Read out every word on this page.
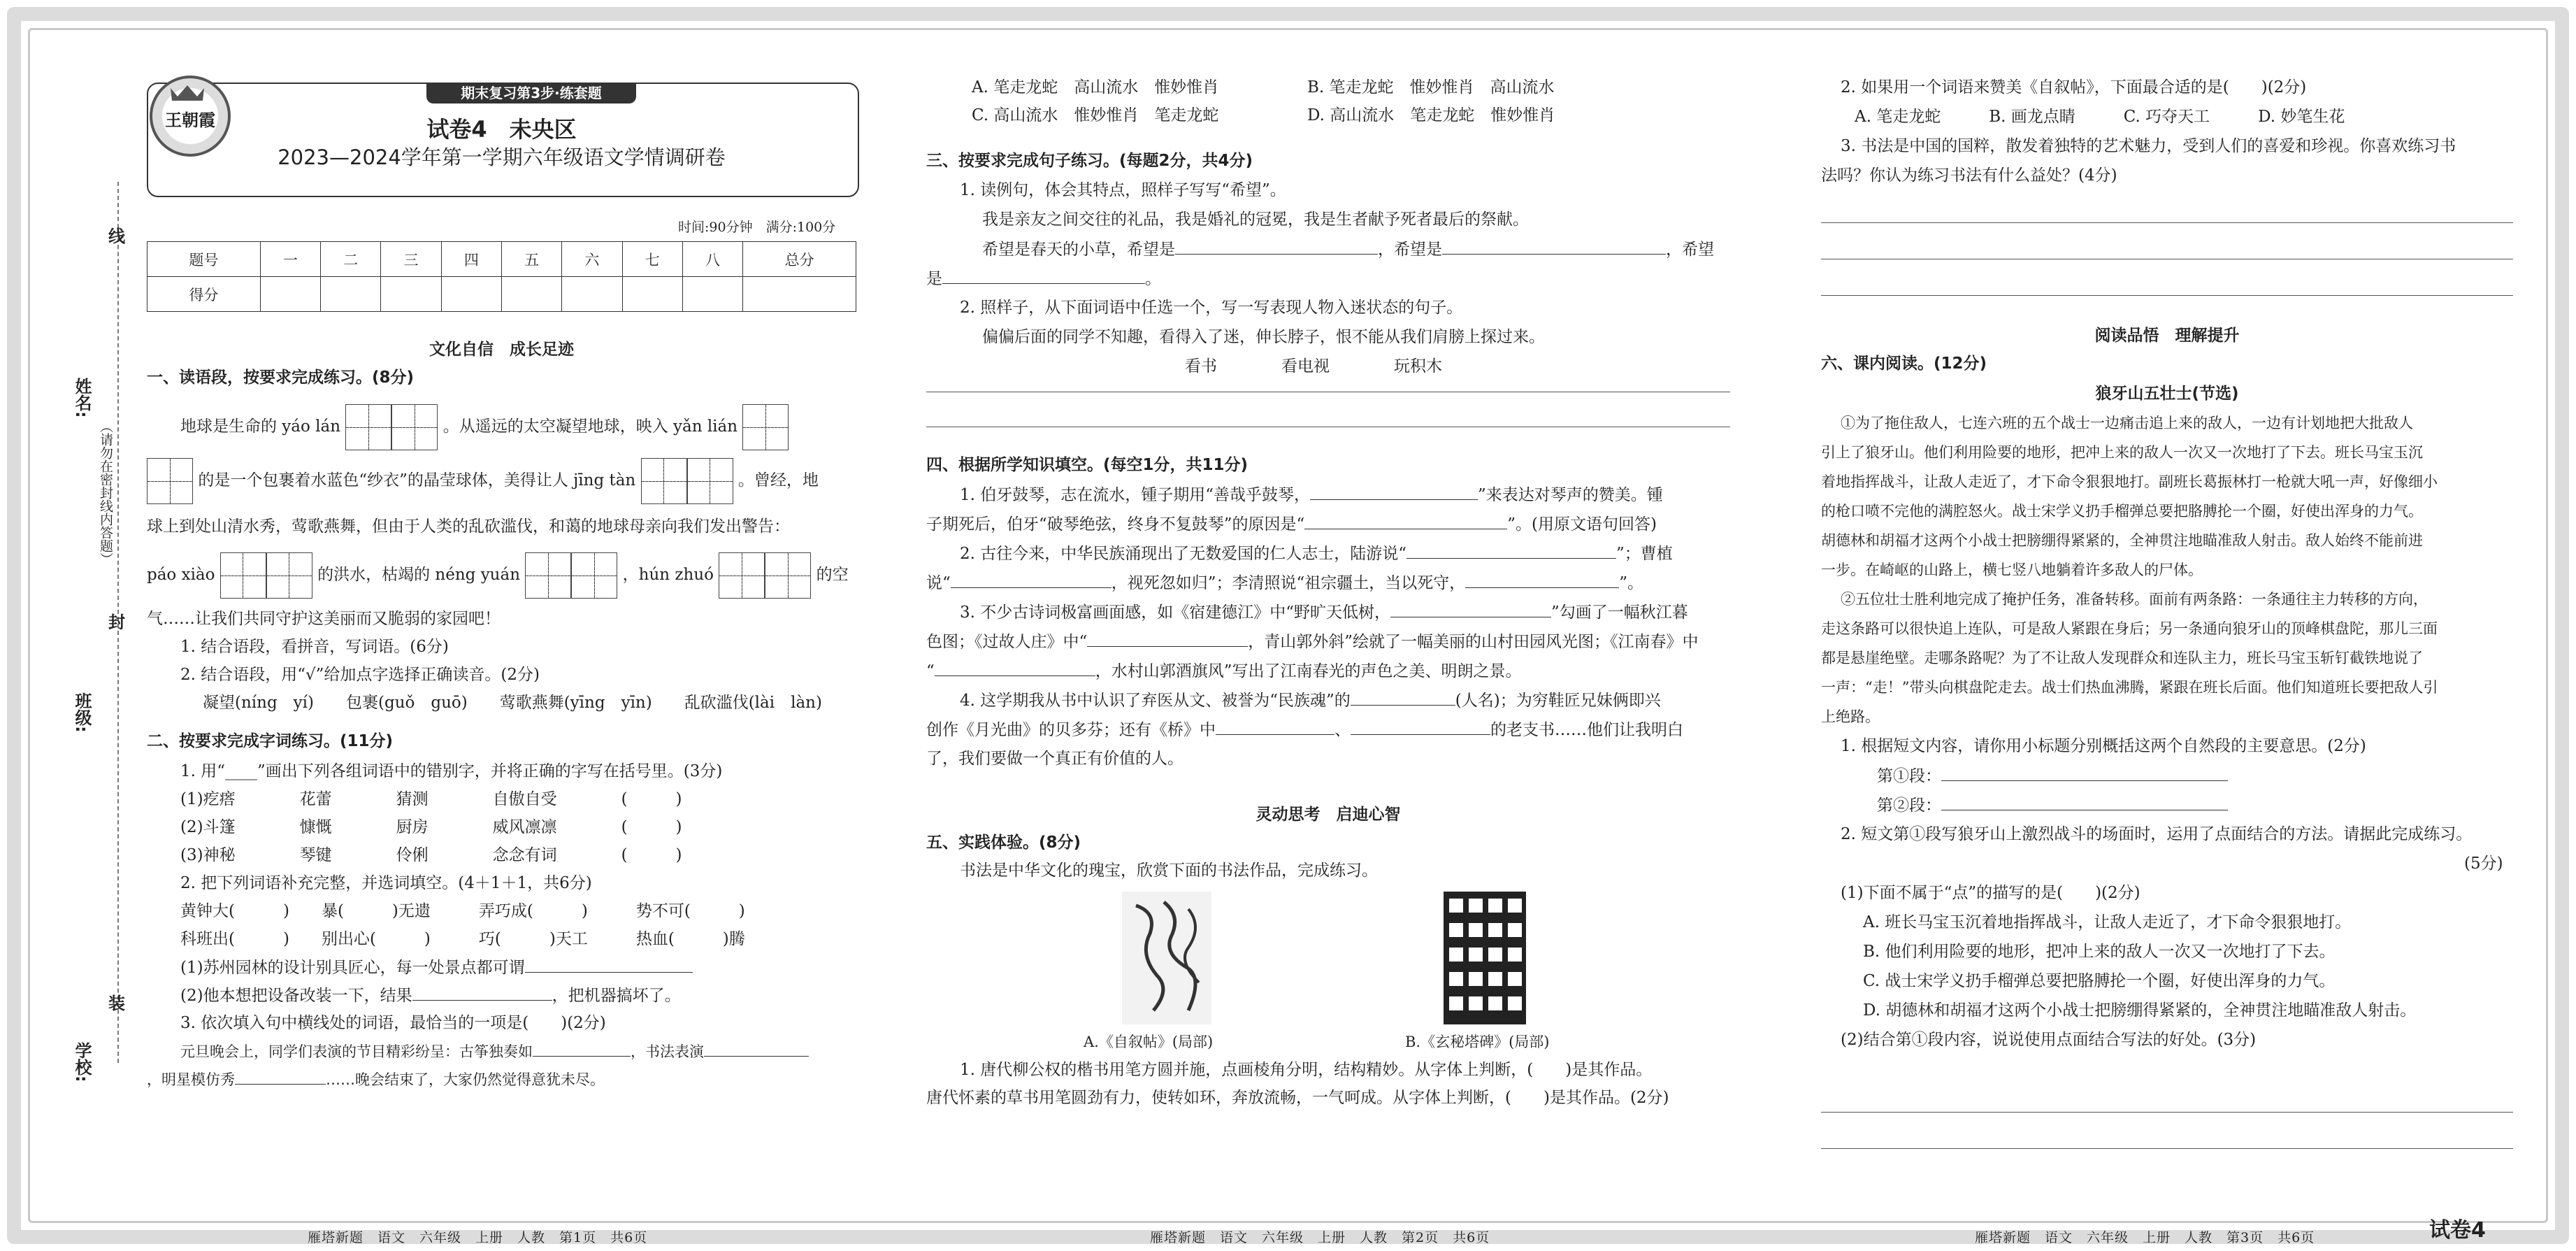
线
姓名:
（请勿在密封线内答题）
封
班级:
装
学校:
期末复习第3步·练套题
王朝霞	试卷4　未央区
2023—2024学年第一学期六年级语文学情调研卷
时间:90分钟　满分:100分
题号	一	二	三	四	五	六	七	八	总分
得分									
文化自信　成长足迹
一、读语段，按要求完成练习。(8分)
地球是生命的 yáo lán	。从遥远的太空凝望地球，映入 yǎn lián
的是一个包裹着水蓝色“纱衣”的晶莹球体，美得让人 jīng tàn	。曾经，地
球上到处山清水秀，莺歌燕舞，但由于人类的乱砍滥伐，和蔼的地球母亲向我们发出警告：
páo xiào	的洪水，枯竭的 néng yuán	，hún zhuó	的空
气……让我们共同守护这美丽而又脆弱的家园吧！
1. 结合语段，看拼音，写词语。(6分)
2. 结合语段，用“√”给加点字选择正确读音。(2分)
凝望(níng　yí)　　包裹(guǒ　guō)　　莺歌燕舞(yīng　yīn)　　乱砍滥伐(lài　làn)
二、按要求完成字词练习。(11分)
1. 用“____”画出下列各组词语中的错别字，并将正确的字写在括号里。(3分)
(1)疙瘩　　　　花蕾　　　　猜测　　　　自傲自受　　　　(　　　)
(2)斗篷　　　　慷慨　　　　厨房　　　　威风凛凛　　　　(　　　)
(3)神秘　　　　琴键　　　　伶俐　　　　念念有词　　　　(　　　)
2. 把下列词语补充完整，并选词填空。(4＋1＋1，共6分)
黄钟大(　　　)　　暴(　　　)无遗　　　弄巧成(　　　)　　　势不可(　　　)
科班出(　　　)　　别出心(　　　)　　　巧(　　　)天工　　　热血(　　　)腾
(1)苏州园林的设计别具匠心，每一处景点都可谓
(2)他本想把设备改装一下，结果	，把机器搞坏了。
3. 依次填入句中横线处的词语，最恰当的一项是(　　)(2分)
元旦晚会上，同学们表演的节目精彩纷呈：古筝独奏如	，书法表演
，明星模仿秀	……晚会结束了，大家仍然觉得意犹未尽。
雁塔新题　语文　六年级　上册　人教　第1页　共6页
A. 笔走龙蛇　高山流水　惟妙惟肖	B. 笔走龙蛇　惟妙惟肖　高山流水
C. 高山流水　惟妙惟肖　笔走龙蛇	D. 高山流水　笔走龙蛇　惟妙惟肖
三、按要求完成句子练习。(每题2分，共4分)
1. 读例句，体会其特点，照样子写写“希望”。
我是亲友之间交往的礼品，我是婚礼的冠冕，我是生者献予死者最后的祭献。
希望是春天的小草，希望是	，希望是	，希望
是	。
2. 照样子，从下面词语中任选一个，写一写表现人物入迷状态的句子。
偏偏后面的同学不知趣，看得入了迷，伸长脖子，恨不能从我们肩膀上探过来。
看书　　　　看电视　　　　玩积木
四、根据所学知识填空。(每空1分，共11分)
1. 伯牙鼓琴，志在流水，锺子期用“善哉乎鼓琴，	”来表达对琴声的赞美。锺
子期死后，伯牙“破琴绝弦，终身不复鼓琴”的原因是“	”。(用原文语句回答)
2. 古往今来，中华民族涌现出了无数爱国的仁人志士，陆游说“	”；曹植
说“	，视死忽如归”；李清照说“祖宗疆土，当以死守，	”。
3. 不少古诗词极富画面感，如《宿建德江》中“野旷天低树，	”勾画了一幅秋江暮
色图；《过故人庄》中“	，青山郭外斜”绘就了一幅美丽的山村田园风光图；《江南春》中
“	，水村山郭酒旗风”写出了江南春光的声色之美、明朗之景。
4. 这学期我从书中认识了弃医从文、被誉为“民族魂”的	(人名)；为穷鞋匠兄妹俩即兴
创作《月光曲》的贝多芬；还有《桥》中	、	的老支书……他们让我明白
了，我们要做一个真正有价值的人。
灵动思考　启迪心智
五、实践体验。(8分)
书法是中华文化的瑰宝，欣赏下面的书法作品，完成练习。
A.《自叙帖》(局部)	B.《玄秘塔碑》(局部)
1. 唐代柳公权的楷书用笔方圆并施，点画棱角分明，结构精妙。从字体上判断，(　　)是其作品。
唐代怀素的草书用笔圆劲有力，使转如环，奔放流畅，一气呵成。从字体上判断，(　　)是其作品。(2分)
雁塔新题　语文　六年级　上册　人教　第2页　共6页
2. 如果用一个词语来赞美《自叙帖》，下面最合适的是(　　)(2分)
A. 笔走龙蛇　　　B. 画龙点睛　　　C. 巧夺天工　　　D. 妙笔生花
3. 书法是中国的国粹，散发着独特的艺术魅力，受到人们的喜爱和珍视。你喜欢练习书
法吗？你认为练习书法有什么益处？(4分)
阅读品悟　理解提升
六、课内阅读。(12分)
狼牙山五壮士(节选)
①为了拖住敌人，七连六班的五个战士一边痛击追上来的敌人，一边有计划地把大批敌人
引上了狼牙山。他们利用险要的地形，把冲上来的敌人一次又一次地打了下去。班长马宝玉沉
着地指挥战斗，让敌人走近了，才下命令狠狠地打。副班长葛振林打一枪就大吼一声，好像细小
的枪口喷不完他的满腔怒火。战士宋学义扔手榴弹总要把胳膊抡一个圈，好使出浑身的力气。
胡德林和胡福才这两个小战士把膀绷得紧紧的，全神贯注地瞄准敌人射击。敌人始终不能前进
一步。在崎岖的山路上，横七竖八地躺着许多敌人的尸体。
②五位壮士胜利地完成了掩护任务，准备转移。面前有两条路：一条通往主力转移的方向，
走这条路可以很快追上连队，可是敌人紧跟在身后；另一条通向狼牙山的顶峰棋盘陀，那儿三面
都是悬崖绝壁。走哪条路呢？为了不让敌人发现群众和连队主力，班长马宝玉斩钉截铁地说了
一声：“走！”带头向棋盘陀走去。战士们热血沸腾，紧跟在班长后面。他们知道班长要把敌人引
上绝路。
1. 根据短文内容，请你用小标题分别概括这两个自然段的主要意思。(2分)
第①段：
第②段：
2. 短文第①段写狼牙山上激烈战斗的场面时，运用了点面结合的方法。请据此完成练习。
(5分)
(1)下面不属于“点”的描写的是(　　)(2分)
A. 班长马宝玉沉着地指挥战斗，让敌人走近了，才下命令狠狠地打。
B. 他们利用险要的地形，把冲上来的敌人一次又一次地打了下去。
C. 战士宋学义扔手榴弹总要把胳膊抡一个圈，好使出浑身的力气。
D. 胡德林和胡福才这两个小战士把膀绷得紧紧的，全神贯注地瞄准敌人射击。
(2)结合第①段内容，说说使用点面结合写法的好处。(3分)
雁塔新题　语文　六年级　上册　人教　第3页　共6页	试卷4
